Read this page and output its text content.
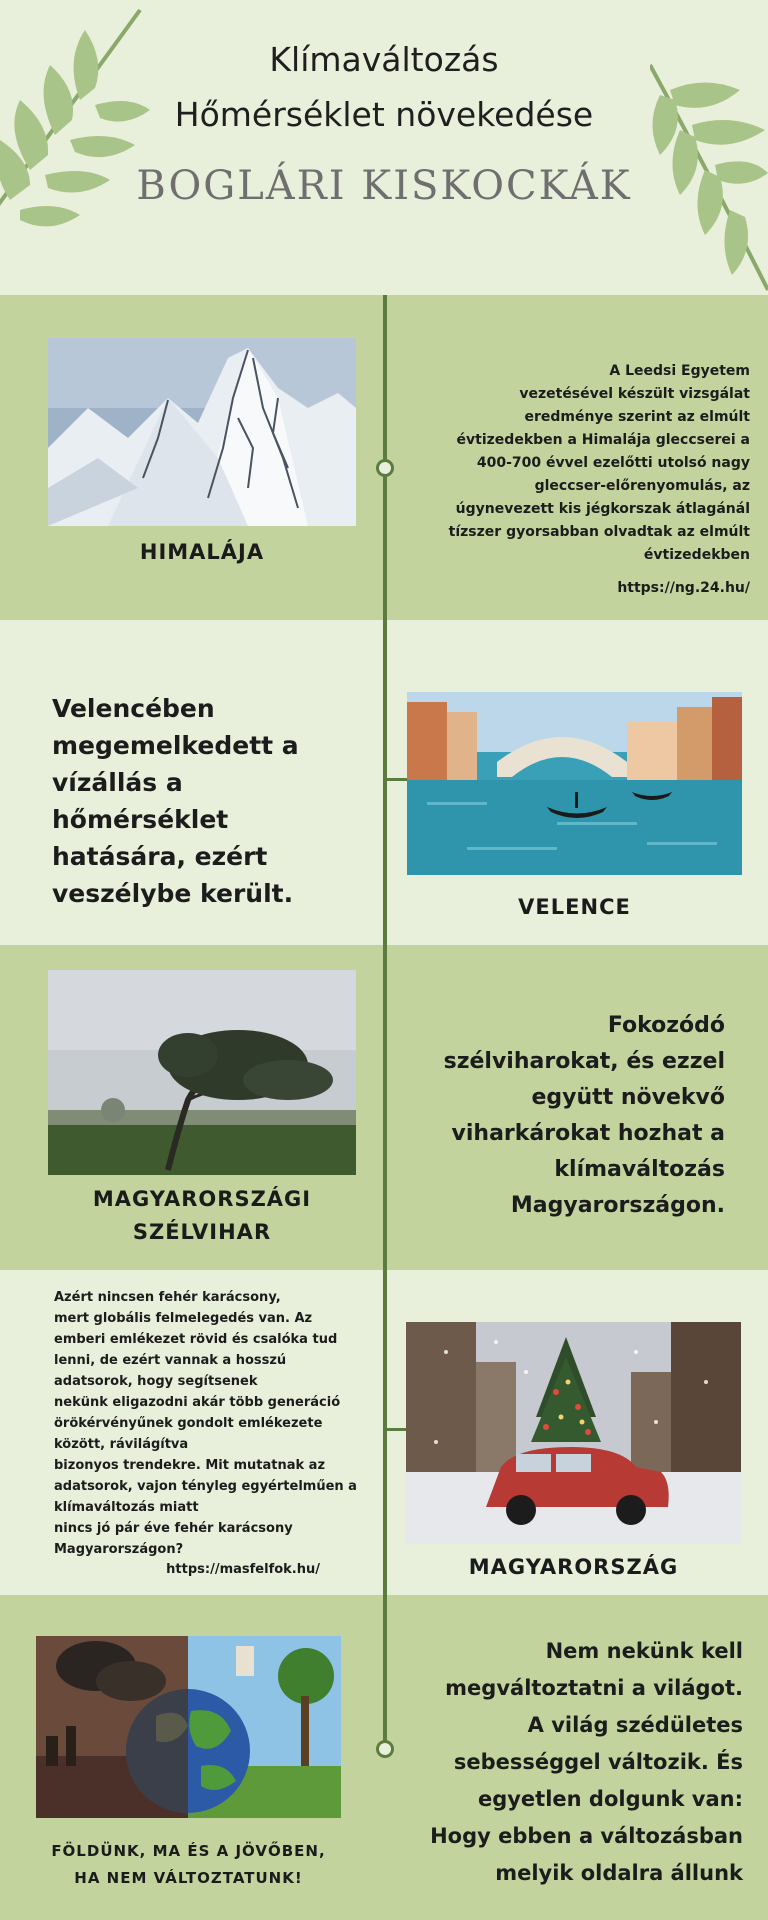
Klímaváltozás
Hőmérséklet növekedése
BOGLÁRI KISKOCKÁK
HIMALÁJA
A Leedsi Egyetem
vezetésével készült vizsgálat
eredménye szerint az elmúlt
évtizedekben a Himalája gleccserei a
400-700 évvel ezelőtti utolsó nagy
gleccser-előrenyomulás, az
úgynevezett kis jégkorszak átlagánál
tízszer gyorsabban olvadtak az elmúlt
évtizedekben
https://ng.24.hu/
Velencében
megemelkedett a
vízállás a
hőmérséklet
hatására, ezért
veszélybe került.	VELENCE
MAGYARORSZÁGI
SZÉLVIHAR
Fokozódó
szélviharokat, és ezzel
együtt növekvő
viharkárokat hozhat a
klímaváltozás
Magyarországon.
Azért nincsen fehér karácsony,
mert globális felmelegedés van. Az
emberi emlékezet rövid és csalóka tud
lenni, de ezért vannak a hosszú
adatsorok, hogy segítsenek
nekünk eligazodni akár több generáció
örökérvényűnek gondolt emlékezete
között, rávilágítva
bizonyos trendekre. Mit mutatnak az
adatsorok, vajon tényleg egyértelműen a
klímaváltozás miatt
nincs jó pár éve fehér karácsony
Magyarországon?
https://masfelfok.hu/	MAGYARORSZÁG
FÖLDÜNK, MA ÉS A JÖVŐBEN,
HA NEM VÁLTOZTATUNK!
Nem nekünk kell
megváltoztatni a világot.
A világ szédületes
sebességgel változik. És
egyetlen dolgunk van:
Hogy ebben a változásban
melyik oldalra állunk
